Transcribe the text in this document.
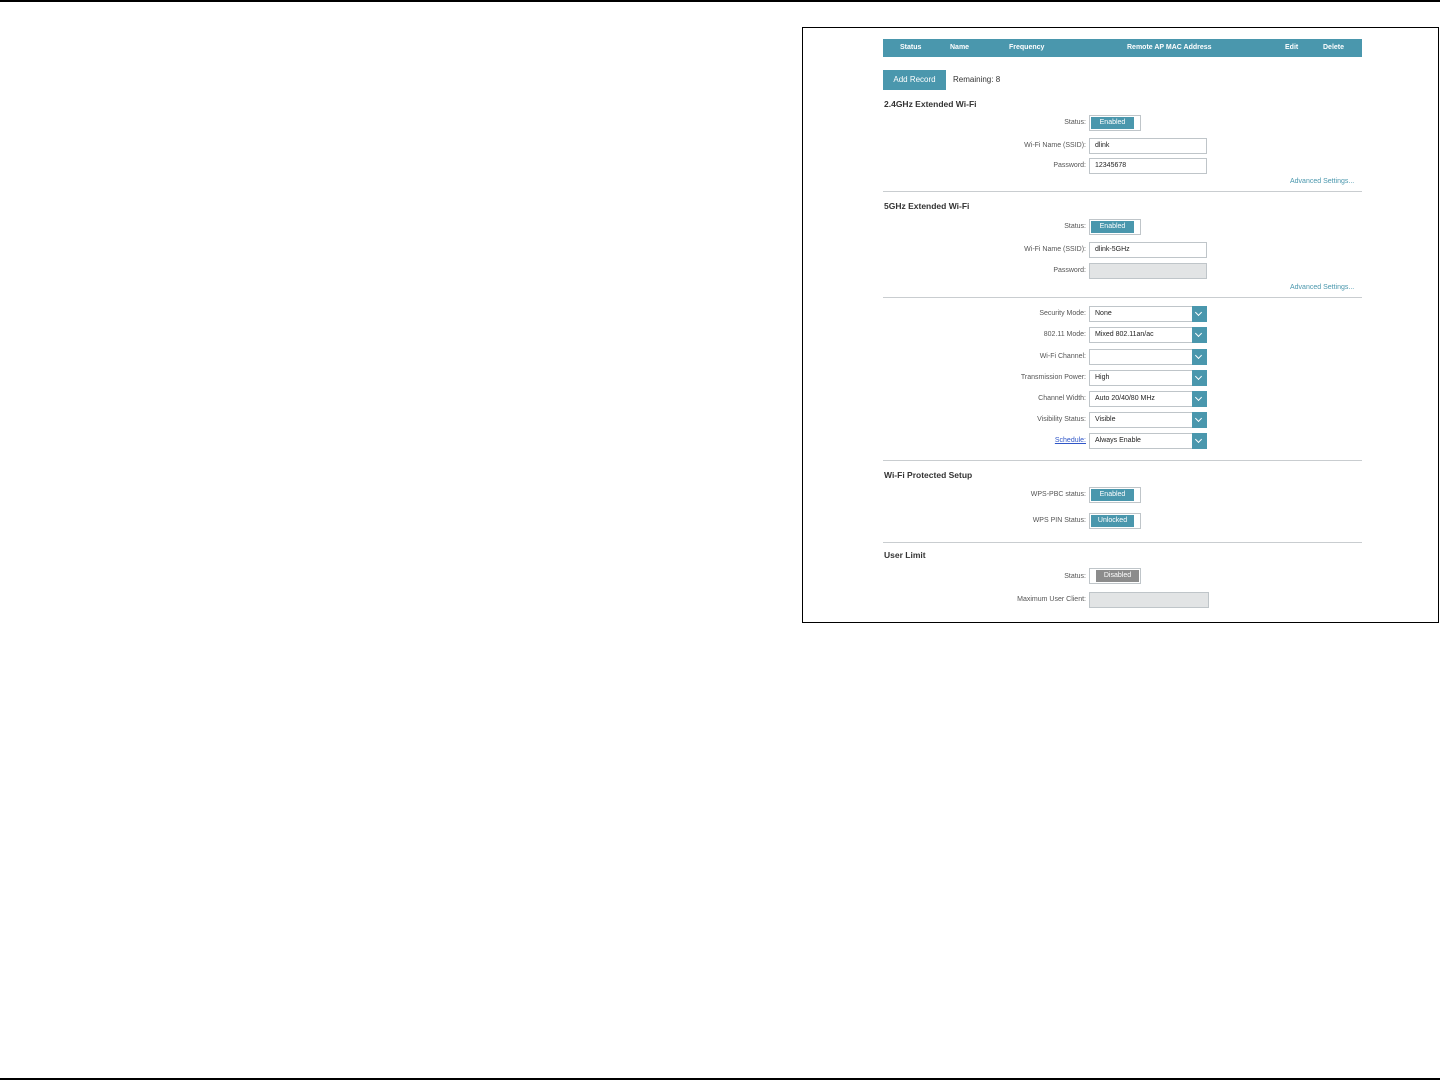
Status	Name	Frequency	Remote AP MAC Address	Edit	Delete
Add Record	Remaining: 8
2.4GHz Extended Wi-Fi
Status:	Enabled
Wi-Fi Name (SSID):	dlink
Password:	12345678
Advanced Settings...
5GHz Extended Wi-Fi
Status:	Enabled
Wi-Fi Name (SSID):	dlink-5GHz
Password:
Advanced Settings...
Security Mode:	None
802.11 Mode:	Mixed 802.11an/ac
Wi-Fi Channel:
Transmission Power:	High
Channel Width:	Auto 20/40/80 MHz
Visibility Status:	Visible
Schedule:	Always Enable
Wi-Fi Protected Setup
WPS-PBC status:	Enabled
WPS PIN Status:	Unlocked
User Limit
Status:	Disabled
Maximum User Client:
